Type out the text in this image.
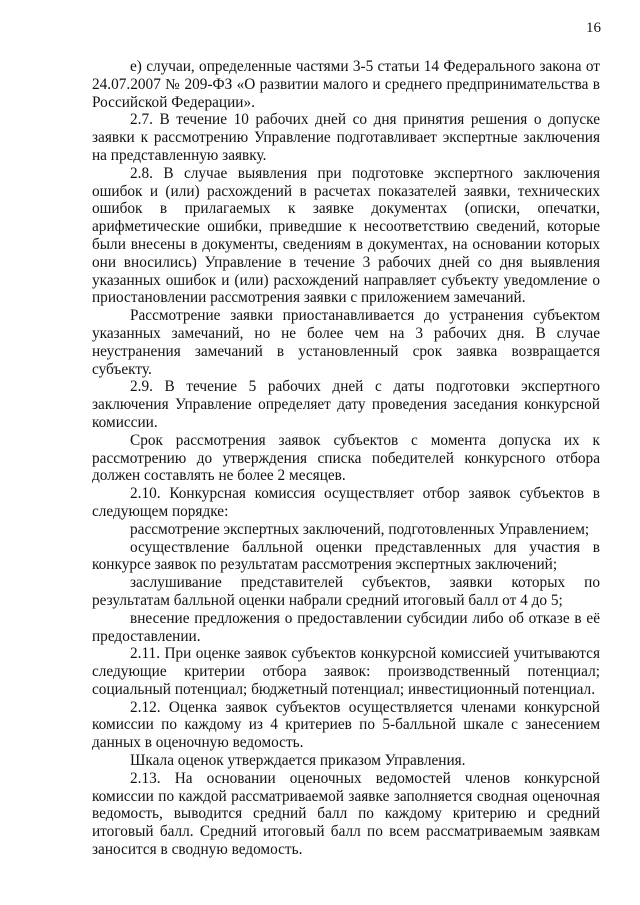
16

е) случаи, определенные частями 3-5 статьи 14 Федерального закона от 24.07.2007 № 209-ФЗ «О развитии малого и среднего предпринимательства в Российской Федерации».

2.7. В течение 10 рабочих дней со дня принятия решения о допуске заявки к рассмотрению Управление подготавливает экспертные заключения на представленную заявку.

2.8. В случае выявления при подготовке экспертного заключения ошибок и (или) расхождений в расчетах показателей заявки, технических ошибок в прилагаемых к заявке документах (описки, опечатки, арифметические ошибки, приведшие к несоответствию сведений, которые были внесены в документы, сведениям в документах, на основании которых они вносились) Управление в течение 3 рабочих дней со дня выявления указанных ошибок и (или) расхождений направляет субъекту уведомление о приостановлении рассмотрения заявки с приложением замечаний.

Рассмотрение заявки приостанавливается до устранения субъектом указанных замечаний, но не более чем на 3 рабочих дня. В случае неустранения замечаний в установленный срок заявка возвращается субъекту.

2.9. В течение 5 рабочих дней с даты подготовки экспертного заключения Управление определяет дату проведения заседания конкурсной комиссии.

Срок рассмотрения заявок субъектов с момента допуска их к рассмотрению до утверждения списка победителей конкурсного отбора должен составлять не более 2 месяцев.

2.10. Конкурсная комиссия осуществляет отбор заявок субъектов в следующем порядке:

рассмотрение экспертных заключений, подготовленных Управлением;

осуществление балльной оценки представленных для участия в конкурсе заявок по результатам рассмотрения экспертных заключений;

заслушивание представителей субъектов, заявки которых по результатам балльной оценки набрали средний итоговый балл от 4 до 5;

внесение предложения о предоставлении субсидии либо об отказе в её предоставлении.

2.11. При оценке заявок субъектов конкурсной комиссией учитываются следующие критерии отбора заявок: производственный потенциал; социальный потенциал; бюджетный потенциал; инвестиционный потенциал.

2.12. Оценка заявок субъектов осуществляется членами конкурсной комиссии по каждому из 4 критериев по 5-балльной шкале с занесением данных в оценочную ведомость.

Шкала оценок утверждается приказом Управления.

2.13. На основании оценочных ведомостей членов конкурсной комиссии по каждой рассматриваемой заявке заполняется сводная оценочная ведомость, выводится средний балл по каждому критерию и средний итоговый балл. Средний итоговый балл по всем рассматриваемым заявкам заносится в сводную ведомость.
